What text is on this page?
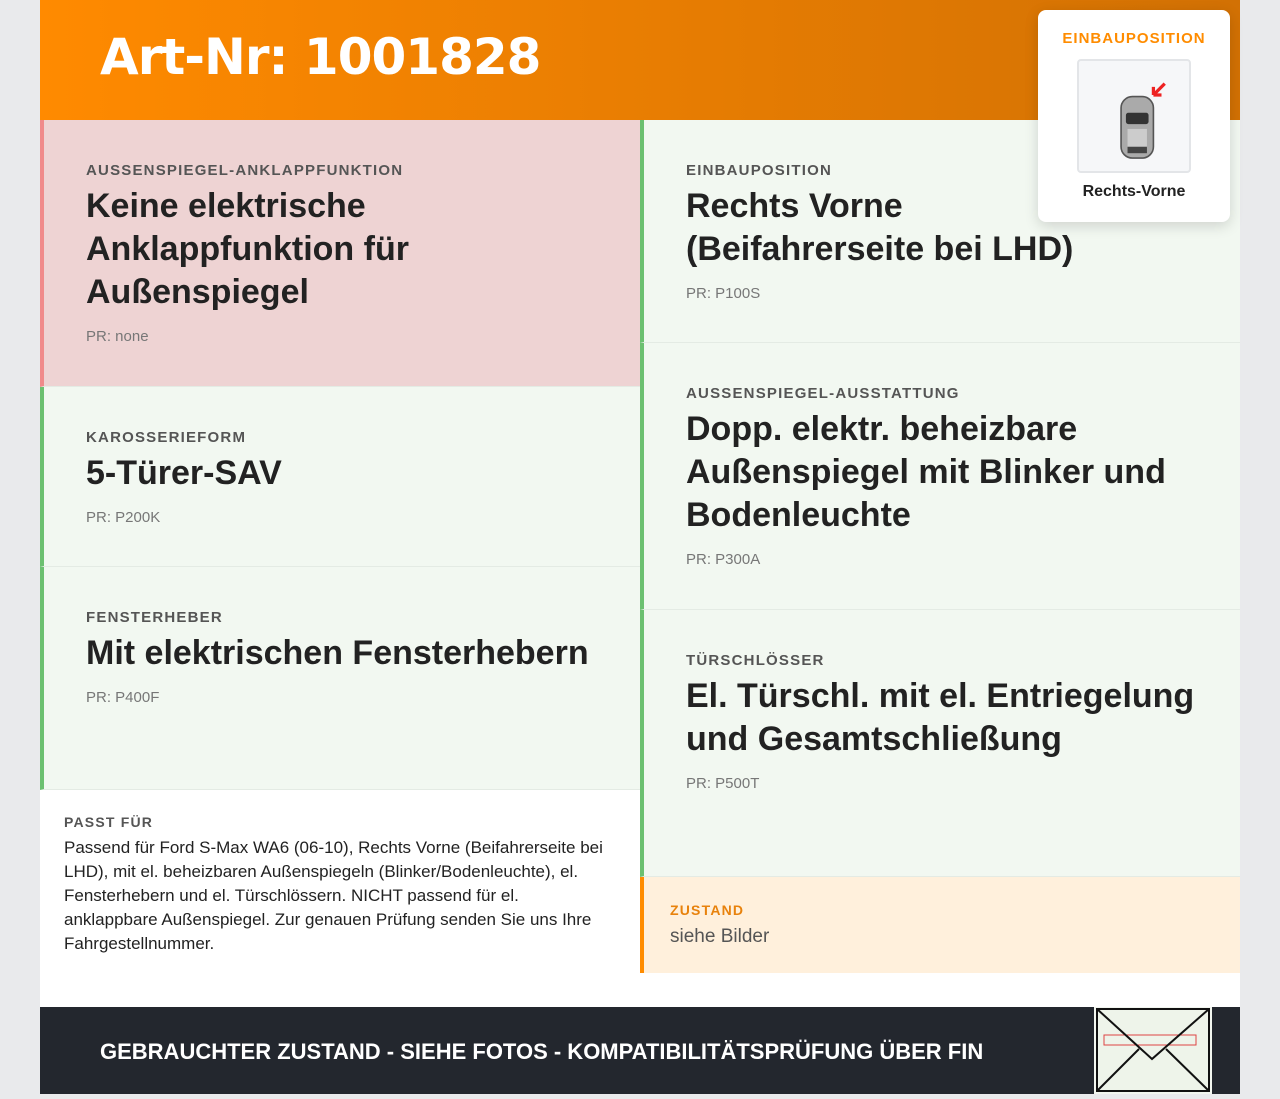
Art-Nr: 1001828
AUSSENSPIEGEL-ANKLAPPFUNKTION
Keine elektrische Anklappfunktion für Außenspiegel
PR: none
KAROSSERIEFORM
5-Türer-SAV
PR: P200K
FENSTERHEBER
Mit elektrischen Fensterhebern
PR: P400F
PASST FÜR
Passend für Ford S-Max WA6 (06-10), Rechts Vorne (Beifahrerseite bei LHD), mit el. beheizbaren Außenspiegeln (Blinker/Bodenleuchte), el. Fensterhebern und el. Türschlössern. NICHT passend für el. anklappbare Außenspiegel. Zur genauen Prüfung senden Sie uns Ihre Fahrgestellnummer.
EINBAUPOSITION
Rechts Vorne (Beifahrerseite bei LHD)
PR: P100S
AUSSENSPIEGEL-AUSSTATTUNG
Dopp. elektr. beheizbare Außenspiegel mit Blinker und Bodenleuchte
PR: P300A
TÜRSCHLÖSSER
El. Türschl. mit el. Entriegelung und Gesamtschließung
PR: P500T
ZUSTAND
siehe Bilder
GEBRAUCHTER ZUSTAND - SIEHE FOTOS - KOMPATIBILITÄTSPRÜFUNG ÜBER FIN
EINBAUPOSITION
Rechts-Vorne
